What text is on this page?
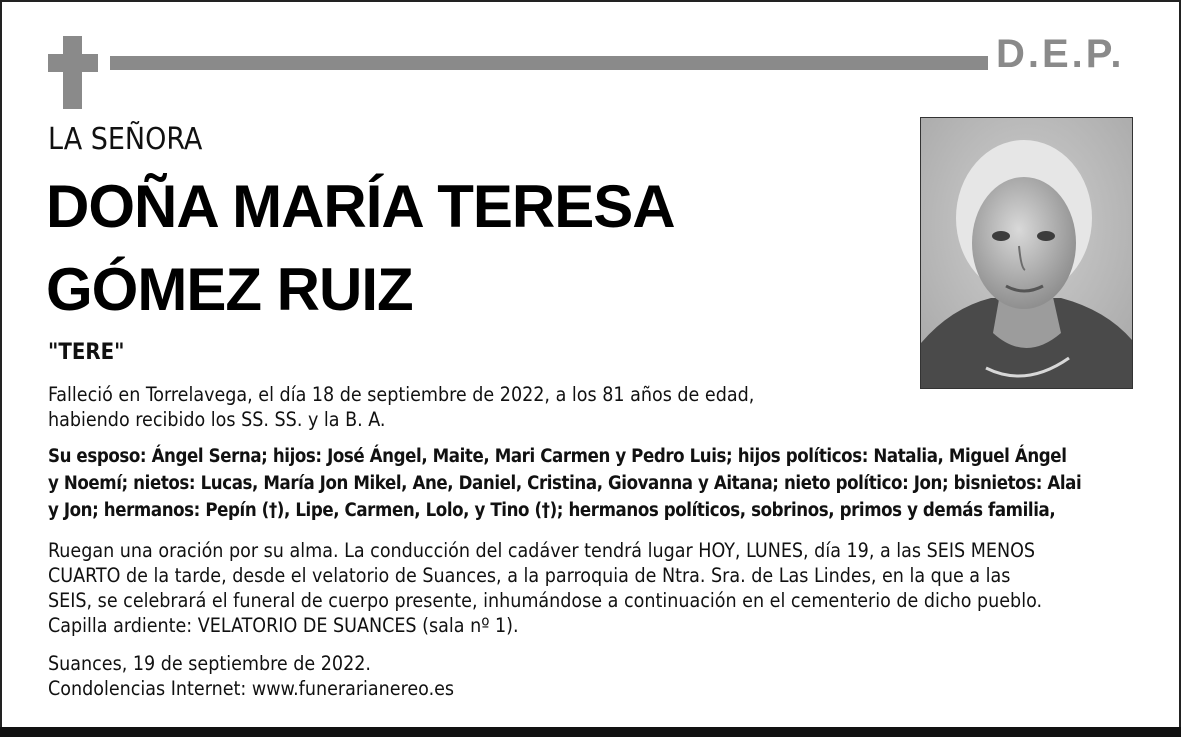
D.E.P.
LA SEÑORA
DOÑA MARÍA TERESA
GÓMEZ RUIZ
"TERE"
Falleció en Torrelavega, el día 18 de septiembre de 2022, a los 81 años de edad,
habiendo recibido los SS. SS. y la B. A.
Su esposo: Ángel Serna; hijos: José Ángel, Maite, Mari Carmen y Pedro Luis; hijos políticos: Natalia, Miguel Ángel
y Noemí; nietos: Lucas, María Jon Mikel, Ane, Daniel, Cristina, Giovanna y Aitana; nieto político: Jon; bisnietos: Alai
y Jon; hermanos: Pepín (†), Lipe, Carmen, Lolo, y Tino (†); hermanos políticos, sobrinos, primos y demás familia,
Ruegan una oración por su alma. La conducción del cadáver tendrá lugar HOY, LUNES, día 19, a las SEIS MENOS
CUARTO de la tarde, desde el velatorio de Suances, a la parroquia de Ntra. Sra. de Las Lindes, en la que a las
SEIS, se celebrará el funeral de cuerpo presente, inhumándose a continuación en el cementerio de dicho pueblo.
Capilla ardiente: VELATORIO DE SUANCES (sala nº 1).
Suances, 19 de septiembre de 2022.
Condolencias Internet: www.funerarianereo.es
